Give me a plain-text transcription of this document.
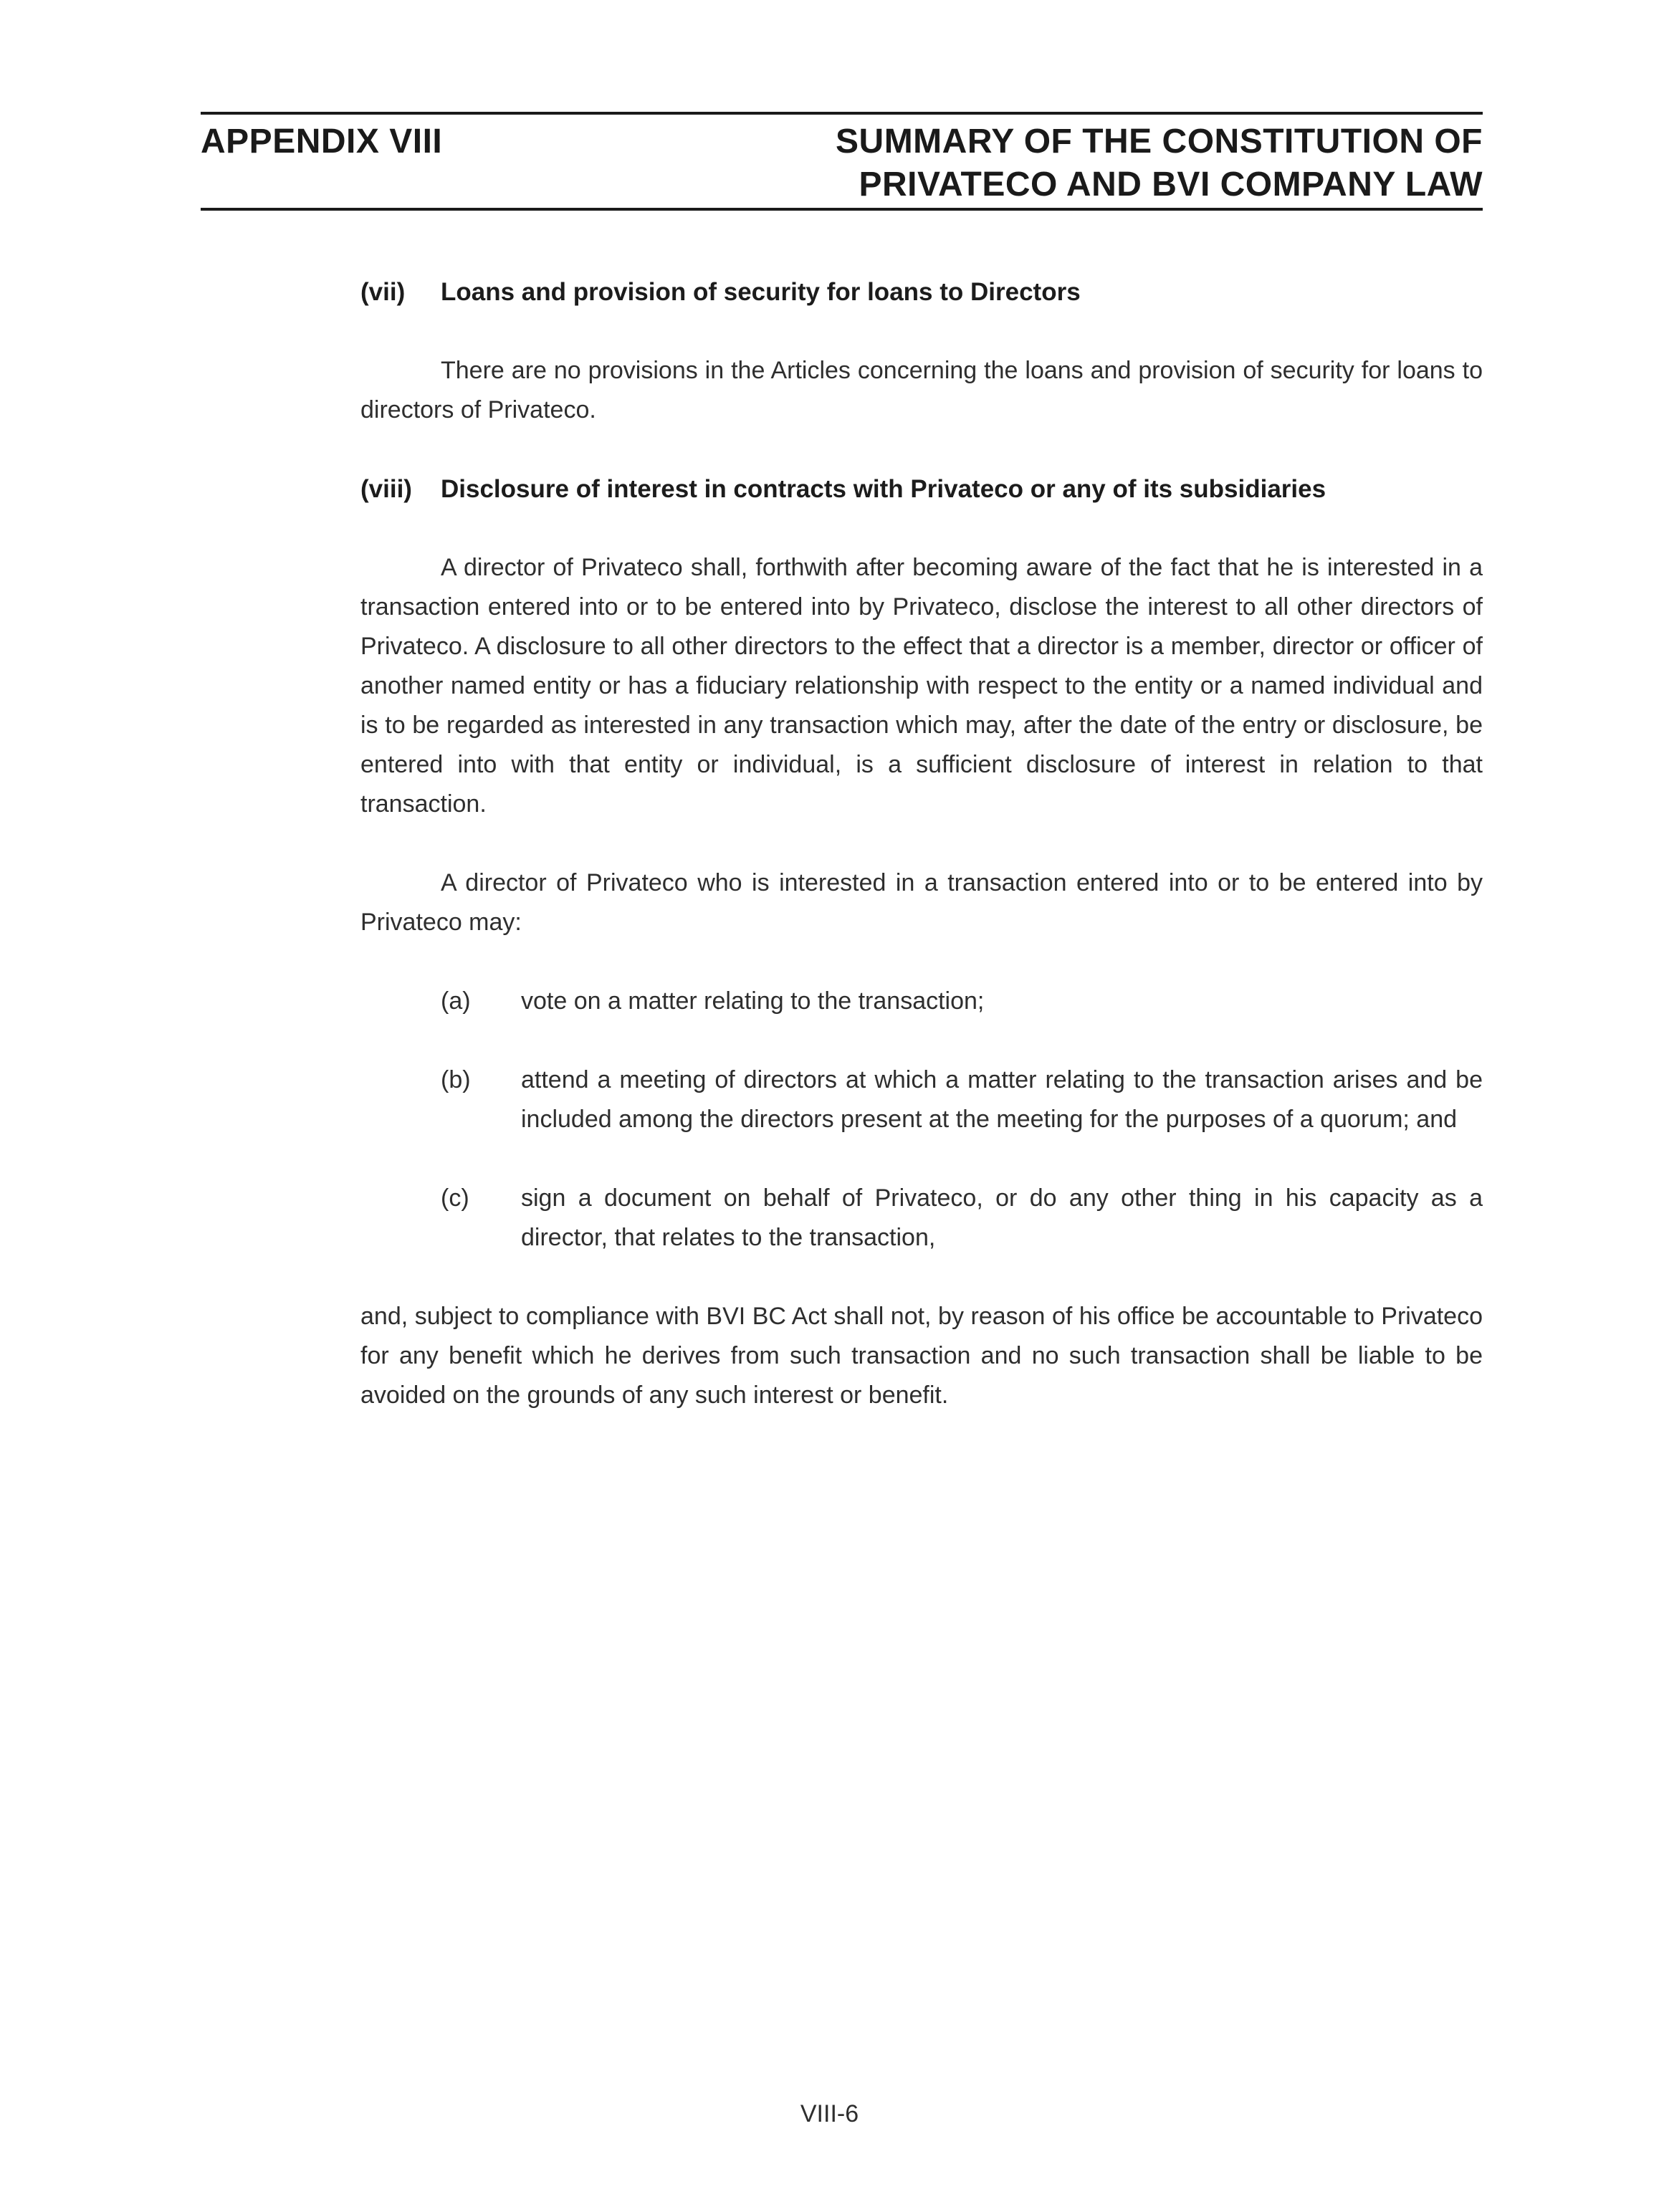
APPENDIX VIII	SUMMARY OF THE CONSTITUTION OF
PRIVATECO AND BVI COMPANY LAW
(vii)	Loans and provision of security for loans to Directors

There are no provisions in the Articles concerning the loans and provision of security for loans to directors of Privateco.

(viii)	Disclosure of interest in contracts with Privateco or any of its subsidiaries

A director of Privateco shall, forthwith after becoming aware of the fact that he is interested in a transaction entered into or to be entered into by Privateco, disclose the interest to all other directors of Privateco. A disclosure to all other directors to the effect that a director is a member, director or officer of another named entity or has a fiduciary relationship with respect to the entity or a named individual and is to be regarded as interested in any transaction which may, after the date of the entry or disclosure, be entered into with that entity or individual, is a sufficient disclosure of interest in relation to that transaction.

A director of Privateco who is interested in a transaction entered into or to be entered into by Privateco may:

(a)	vote on a matter relating to the transaction;
(b)	attend a meeting of directors at which a matter relating to the transaction arises and be included among the directors present at the meeting for the purposes of a quorum; and
(c)	sign a document on behalf of Privateco, or do any other thing in his capacity as a director, that relates to the transaction,

and, subject to compliance with BVI BC Act shall not, by reason of his office be accountable to Privateco for any benefit which he derives from such transaction and no such transaction shall be liable to be avoided on the grounds of any such interest or benefit.

VIII-6
